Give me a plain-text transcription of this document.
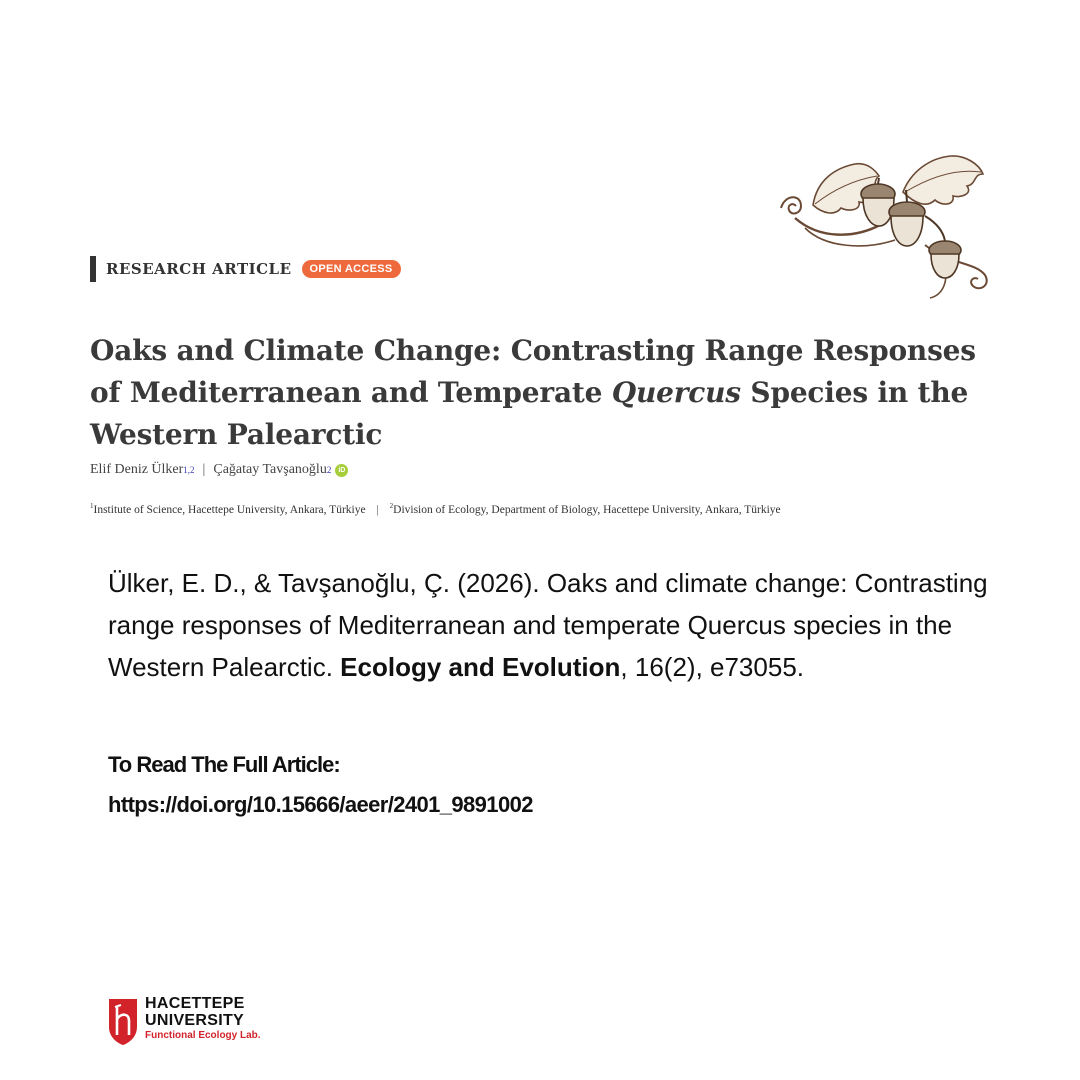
RESEARCH ARTICLE	OPEN ACCESS
Oaks and Climate Change: Contrasting Range Responses of Mediterranean and Temperate Quercus Species in the Western Palearctic
Elif Deniz Ülker 1,2 | Çağatay Tavşanoğlu 2	iD
$^1$Institute of Science, Hacettepe University, Ankara, Türkiye | $^2$Division of Ecology, Department of Biology, Hacettepe University, Ankara, Türkiye

Ülker, E. D., & Tavşanoğlu, Ç. (2026). Oaks and climate change: Contrasting range responses of Mediterranean and temperate Quercus species in the Western Palearctic. Ecology and Evolution, 16(2), e73055.

To Read The Full Article:
https://doi.org/10.15666/aeer/2401_9891002
HACETTEPE
UNIVERSITY
Functional Ecology Lab.
